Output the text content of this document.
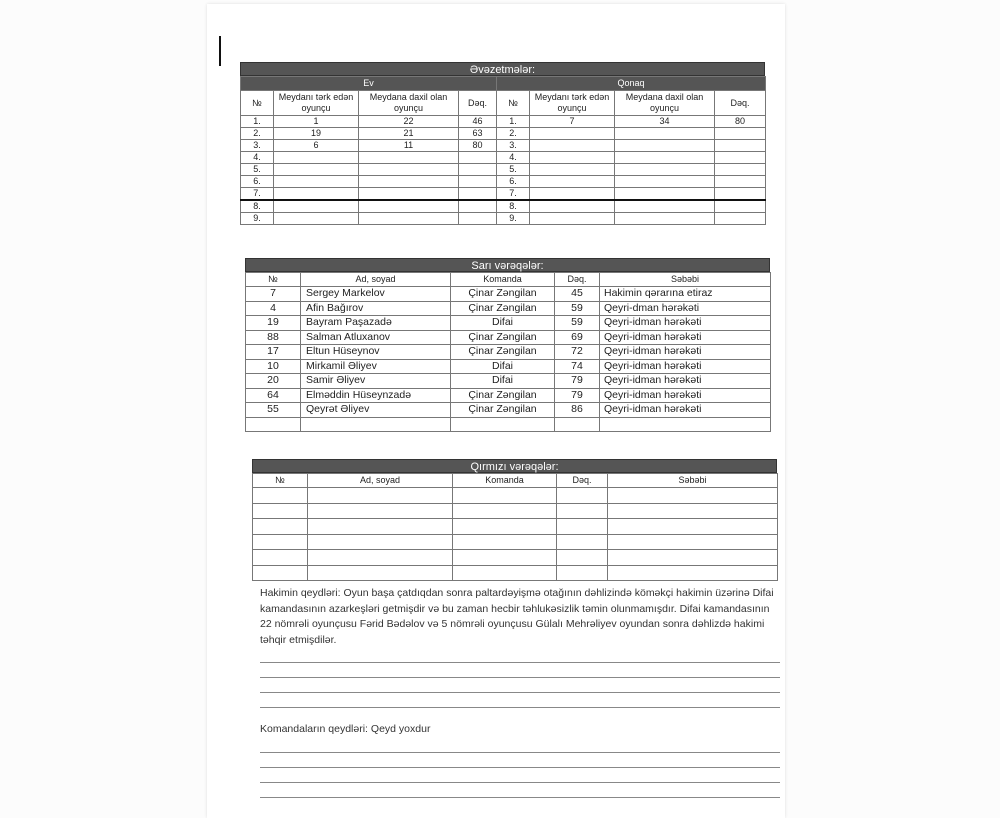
Əvəzetmələr:
Ev				Qonaq			
№	Meydanı tərk edən oyunçu	Meydana daxil olan oyunçu	Dəq.	№	Meydanı tərk edən oyunçu	Meydana daxil olan oyunçu	Dəq.
1.	1	22	46	1.	7	34	80
2.	19	21	63	2.			
3.	6	11	80	3.			
4.				4.			
5.				5.			
6.				6.			
7.				7.			
8.				8.			
9.				9.			
Sarı vərəqələr:
№	Ad, soyad	Komanda	Dəq.	Səbəbi
7	Sergey Markelov	Çinar Zəngilan	45	Hakimin qərarına etiraz
4	Afin Bağırov	Çinar Zəngilan	59	Qeyri-dman hərəkəti
19	Bayram Paşazadə	Difai	59	Qeyri-idman hərəkəti
88	Salman Atluxanov	Çinar Zəngilan	69	Qeyri-idman hərəkəti
17	Eltun Hüseynov	Çinar Zəngilan	72	Qeyri-idman hərəkəti
10	Mirkamil Əliyev	Difai	74	Qeyri-idman hərəkəti
20	Samir Əliyev	Difai	79	Qeyri-idman hərəkəti
64	Elməddin Hüseynzadə	Çinar Zəngilan	79	Qeyri-idman hərəkəti
55	Qeyrət Əliyev	Çinar Zəngilan	86	Qeyri-idman hərəkəti

Qırmızı vərəqələr:
№	Ad, soyad	Komanda	Dəq.	Səbəbi

Hakimin qeydləri: Oyun başa çatdıqdan sonra paltardəyişmə otağının dəhlizində köməkçi hakimin üzərinə Difai kamandasının azarkeşləri getmişdir və bu zaman hecbir təhlukəsizlik təmin olunmamışdır. Difai kamandasının 22 nömrəli oyunçusu Fərid Bədəlov və 5 nömrəli oyunçusu Gülalı Mehrəliyev oyundan sonra dəhlizdə hakimi təhqir etmişdilər.

Komandaların qeydləri: Qeyd yoxdur
